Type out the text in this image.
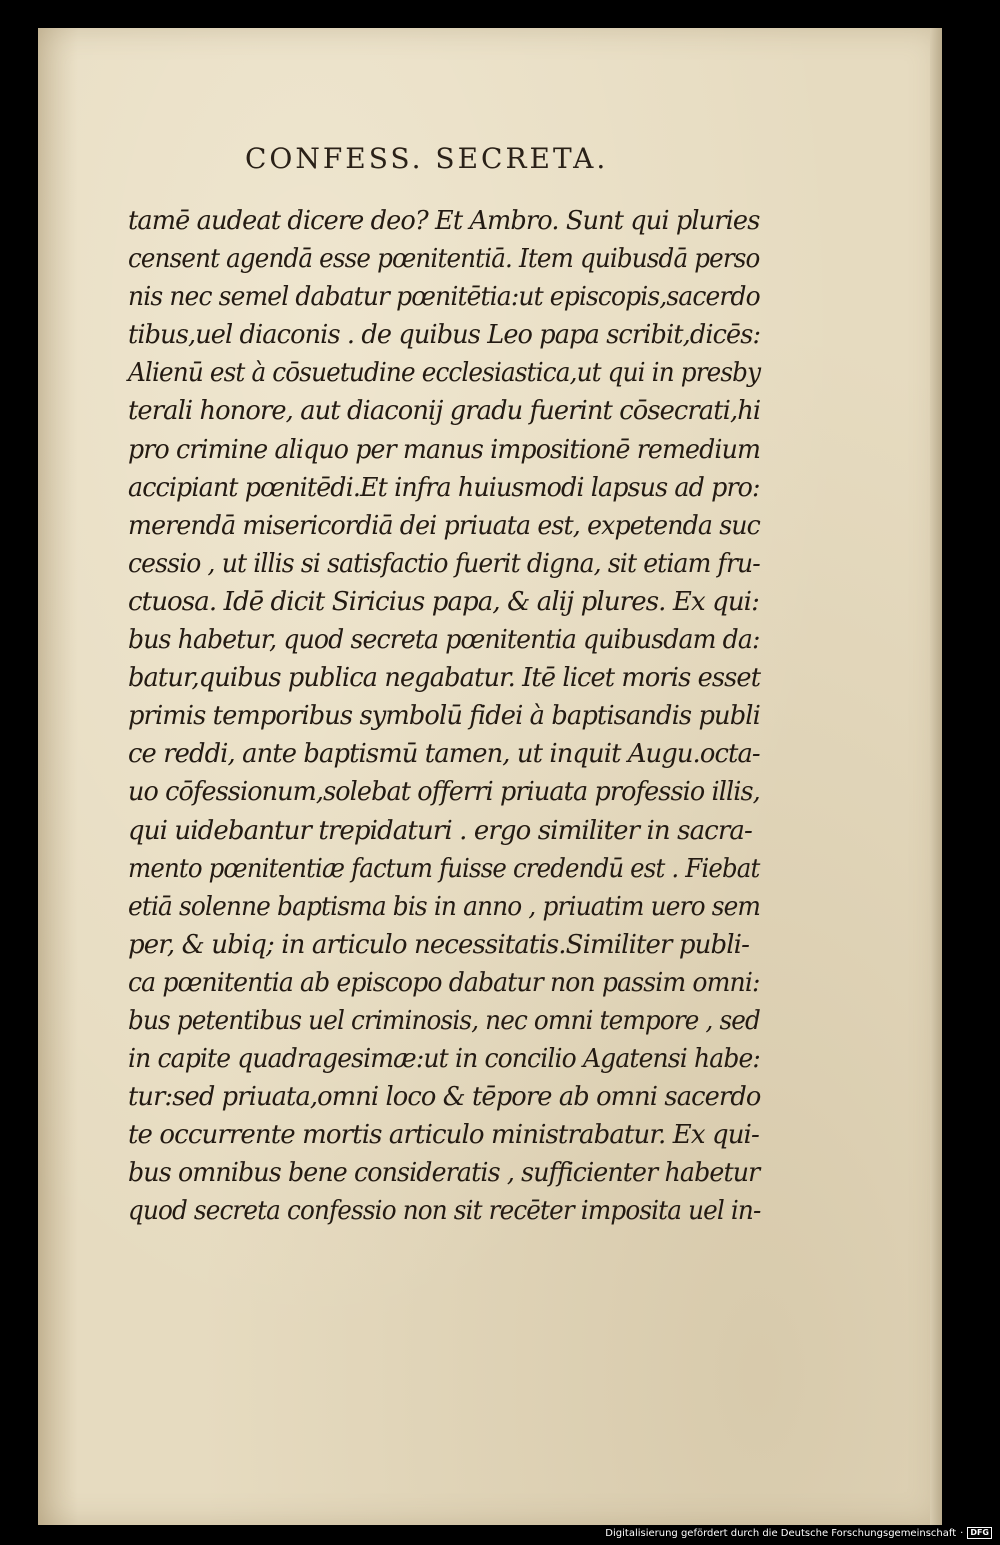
CONFESS. SECRETA.

tamē audeat dicere deo? Et Ambro. Sunt qui pluries
censent agendā esse pœnitentiā. Item quibusdā perso
nis nec semel dabatur pœnitētia:ut episcopis,sacerdo
tibus,uel diaconis . de quibus Leo papa scribit,dicēs:
Alienū est à cōsuetudine ecclesiastica,ut qui in presby
terali honore, aut diaconij gradu fuerint cōsecrati,hi
pro crimine aliquo per manus impositionē remedium
accipiant pœnitēdi.Et infra huiusmodi lapsus ad pro:
merendā misericordiā dei priuata est, expetenda suc
cessio , ut illis si satisfactio fuerit digna, sit etiam fru-
ctuosa. Idē dicit Siricius papa, & alij plures. Ex qui:
bus habetur, quod secreta pœnitentia quibusdam da:
batur,quibus publica negabatur. Itē licet moris esset
primis temporibus symbolū fidei à baptisandis publi
ce reddi, ante baptismū tamen, ut inquit Augu.octa-
uo cōfessionum,solebat offerri priuata professio illis,
qui uidebantur trepidaturi . ergo similiter in sacra-
mento pœnitentiæ factum fuisse credendū est . Fiebat
etiā solenne baptisma bis in anno , priuatim uero sem
per, & ubiq; in articulo necessitatis.Similiter publi-
ca pœnitentia ab episcopo dabatur non passim omni:
bus petentibus uel criminosis, nec omni tempore , sed
in capite quadragesimæ:ut in concilio Agatensi habe:
tur:sed priuata,omni loco & tēpore ab omni sacerdo
te occurrente mortis articulo ministrabatur. Ex qui-
bus omnibus bene consideratis , sufficienter habetur
quod secreta confessio non sit recēter imposita uel in-
Digitalisierung gefördert durch die Deutsche Forschungsgemeinschaft · DFG
